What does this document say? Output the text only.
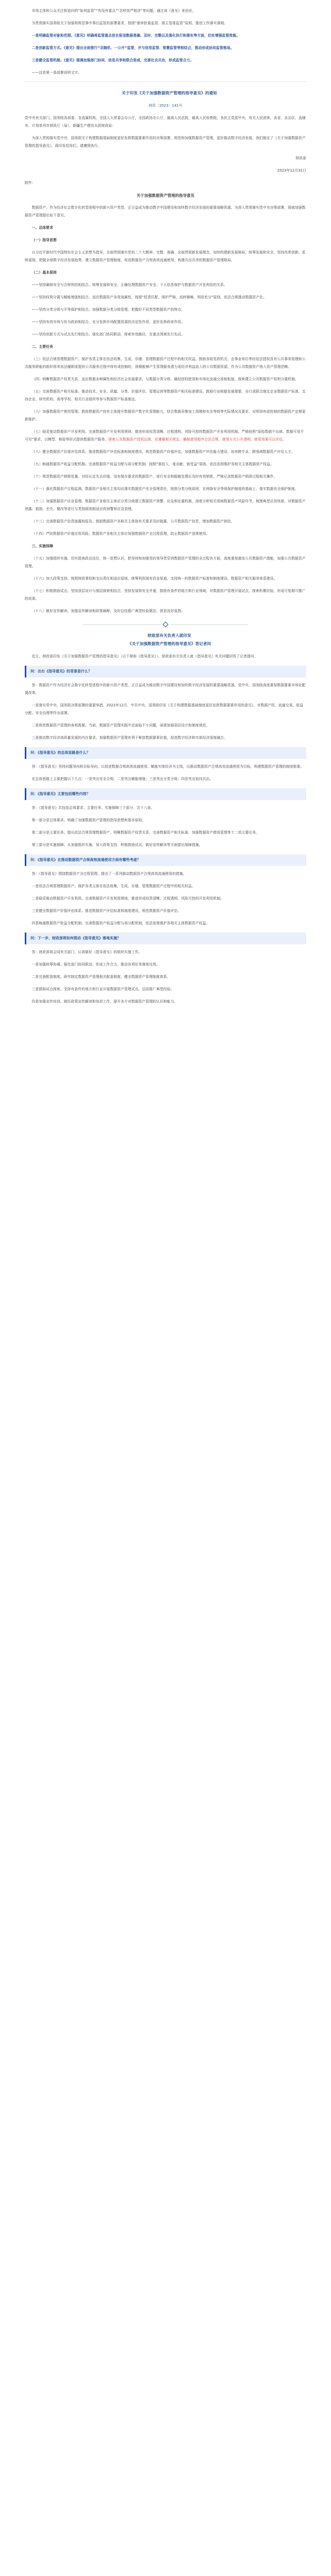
市场主体和公众关注和追问的“如何监管”“有没有重点”“怎样宽严相济”等问题，通过该《意见》来回应。

为贯彻落实国务院关于加强和规范事中事后监管的部署要求，按照“谁审批谁监管、谁主管谁监管”原则，推进工作落实落细。

一是明确监管对象和范围。《意见》明确将监管重点放在报送数据准确、及时、完整以及强化执行和落实等方面，切实增强监管效能。

二是创新监管方式。《意见》提出全面推行“双随机、一公开”监管，并与信用监管、智慧监管等相结合，推动形成协同监管格局。

三是健全监管机制。《意见》强调加强部门协同、信息共享和联合惩戒，完善社会共治，形成监管合力。

——这是第一条部署说明文字。

关于印发《关于加强数据资产管理的指导意见》的通知

财资〔2023〕141号

党中央有关部门，国务院各部委、各直属机构，全国人大常委会办公厅，全国政协办公厅，最高人民法院，最高人民检察院，各民主党派中央，有关人民团体，各省、自治区、直辖市、计划单列市财政厅（局），新疆生产建设兵团财政局：

为深入贯彻落实党中央、国务院关于构建数据基础制度更好发挥数据要素作用的决策部署，规范和加强数据资产管理，更好推动数字经济发展，我们制定了《关于加强数据资产管理的指导意见》，现印发给你们，请遵照执行。

财政部

2023年12月31日

附件：

关于加强数据资产管理的指导意见

数据资产，作为经济社会数字化转型进程中的新兴资产类型，正日益成为推动数字中国建设和加快数字经济发展的重要战略资源。为深入贯彻落实党中央决策部署，现就加强数据资产管理提出如下意见。

一、总体要求

（一）指导思想

以习近平新时代中国特色社会主义思想为指导，全面贯彻落实党的二十大精神，完整、准确、全面贯彻新发展理念，加快构建新发展格局，统筹发展和安全，坚持改革创新、系统谋划，把握全球数字经济发展趋势，建立数据资产管理制度，促进数据资产合规高效流通使用，构建共治共享的数据资产管理格局。

（二）基本原则

——坚持确保安全与合规利用相结合。统筹发展和安全，正确处理数据资产安全、个人信息保护与数据资产开发利用的关系。

——坚持权利分置与赋能增值相结合。适应数据资产多用途属性，按照“权责匹配、保护严格、流转顺畅、利用充分”原则，依法合规推动数据资产化。

——坚持分类分级与平等保护相结合。加强数据分类分级管理，把握好不同类型数据资产的特点。

——坚持有效市场与有为政府相结合。充分发挥市场配置资源的决定性作用，更好发挥政府作用。

——坚持创新方式与试点先行相结合。强化部门协同联动，探索有效路径，在重点领域先行先试。

二、主要任务

（三）依法合规管理数据资产。保护各类主体在依法收集、生成、存储、管理数据资产过程中的相关权益。鼓励各级党政机关、企事业单位等经依法授权具有公共事务管理和公共服务职能的组织将其依法履职或提供公共服务过程中持有或控制的，预期能够产生管理服务潜力或经济利益流入的公共数据资源，作为公共数据资产纳入资产管理范畴。

（四）明晰数据资产权责关系。适应数据多种属性和经济社会发展要求，与数据分类分级、确权授权使用和市场化流通交易相衔接，探索建立公共数据资产权利分置机制。

（五）完善数据资产相关标准。推动技术、安全、质量、分类、价值评估、管理运营等数据资产相关标准建设。鼓励行业根据发展需要，自行或联合制定企业数据资产标准。支持企业、研究机构、高等学校、相关行业组织等参与数据资产标准制定。

（六）加强数据资产使用管理。鼓励数据资产持有主体提升数据资产数字化管理能力，结合数据采集加工周期和安全等级等实际情况及要求，对所持有或控制的数据资产定期更新维护。

（七）稳妥推动数据资产开发利用。完善数据资产开发利用规则，推进形成权责清晰、过程透明、风险可控的数据资产开发利用机制。严格按照“原始数据不出域、数据可用不可见”要求，以模型、核验等形式提供数据资产服务。探索公共数据资产授权运营，应遵循相关规定，确保使用程序合法合规、使用方式公开透明、使用效果可以评估。

（八）健全数据资产价值评估体系。推进数据资产评估标准和制度建设，规范数据资产价值评估。加强数据资产评估能力建设，培养跨专业、跨领域数据资产评估人才。

（九）畅通数据资产收益分配机制。完善数据资产收益分配与再分配机制。按照“谁投入、谁贡献、谁受益”原则，依法依规维护各相关主体数据资产权益。

（十）规范数据资产销毁处置。对经认定失去价值、没有保存要求的数据资产，进行安全和脱敏处理后及时有效销毁，严格记录数据资产销毁过程相关操作。

（十一）强化数据资产过程监测。数据资产各相关主体均应落实数据资产安全管理责任，按照分类分级原则，在网络安全等级保护制度的基础上，落实数据安全保护制度。

（十二）加强数据资产应急管理。数据资产各相关主体应分类分级建立数据资产预警、应急和处置机制，深度分析相关领域数据资产风险环节，梳理典型应用场景，对数据资产泄露、损毁、丢失、篡改等进行与类别级别相适应的预警和应急管理。

（十三）完善数据资产信息披露和报告。鼓励数据资产各相关主体按有关要求及时披露、公开数据资产信息，增加数据资产供给。

（十四）严防数据资产价值应用风险。数据资产各相关主体应加强数据资产全过程管理，防止数据资产违规使用。

三、实施保障

（十五）加强组织实施。切实提高政治站位，统一思想认识，把坚持和加强党的领导贯穿到数据资产管理的全过程各方面，高度重视激发公共数据资产潜能，加强公共数据资产管理。

（十六）加大政策支持。按照财政事权和支出责任相适应原则，统筹利用现有资金渠道，支持统一的数据资产标准和制度建设、数据资产相关服务体系建设。

（十七）积极鼓励试点。坚持顶层设计与基层探索相结合，坚持发展和安全并重，鼓励有条件的地方和行业领域，对数据资产管理开展试点，探索积累经验，形成可复制可推广的成果。

（十八）做好宣传解读。加强宣传解读和政策阐释，及时总结推广典型经验做法，营造良好氛围。

财政部有关负责人就印发

《关于加强数据资产管理的指导意见》答记者问

近日，财政部印发《关于加强数据资产管理的指导意见》（以下简称《指导意见》）。财政部有关负责人就《指导意见》有关问题回答了记者提问。

问：出台《指导意见》的背景是什么？

答：数据资产作为经济社会数字化转型进程中的新兴资产类型，正日益成为推动数字中国建设和加快数字经济发展的重要战略资源。党中央、国务院高度重视数据要素市场化配置改革。

一是落实党中央、国务院决策部署的重要举措。2022年12月，中共中央、国务院印发《关于构建数据基础制度更好发挥数据要素作用的意见》，对数据产权、流通交易、收益分配、安全治理等作出部署。

二是规范数据资产管理的客观需要。当前，数据资产管理实践中还面临不少问题，亟需加强顶层设计和制度规范。

三是推动数字经济高质量发展的内在要求。加强数据资产管理有利于释放数据要素价值，促进数字经济和实体经济深度融合。

问：《指导意见》的总体思路是什么？

答：《指导意见》坚持问题导向和目标导向，以促进数据合规高效流通使用、赋能实体经济为主线，以推动数据资产合规高效流通使用为目标，构建数据资产管理的制度框架。

在总体思路上主要把握以下几点：一是突出安全合规；二是突出赋能增值；三是突出分类分级；四是突出协同共治。

问：《指导意见》主要包括哪些内容？

答：《指导意见》共包括总体要求、主要任务、实施保障三个部分，共十八条。

第一部分是总体要求。明确了加强数据资产管理的指导思想和基本原则。

第二部分是主要任务。提出依法合规管理数据资产、明晰数据资产权责关系、完善数据资产相关标准、加强数据资产使用管理等十二项主要任务。

第三部分是实施保障。从加强组织实施、加大政策支持、积极鼓励试点、做好宣传解读等方面提出保障措施。

问：《指导意见》在推动数据资产合规高效流通使用方面有哪些考虑？

答：《指导意见》围绕数据资产全过程管理，提出了一系列推动数据资产合规高效流通使用的措施。

一是依法合规管理数据资产。保护各类主体在依法收集、生成、存储、管理数据资产过程中的相关权益。

二是稳妥推动数据资产开发利用。完善数据资产开发利用规则，推进形成权责清晰、过程透明、风险可控的开发利用机制。

三是健全数据资产价值评估体系。推进数据资产评估标准和制度建设，规范数据资产价值评估。

四是畅通数据资产收益分配机制。完善数据资产收益分配与再分配机制，依法依规维护各相关主体数据资产权益。

问：下一步，财政部将如何推动《指导意见》落地实施？

答：财政部将会同有关部门，认真做好《指导意见》的组织实施工作。

一是加强统筹协调。强化部门协同联动，形成工作合力，推动各项任务落地见效。

二是完善配套制度。研究制定数据资产管理相关配套制度，健全数据资产管理制度体系。

三是鼓励试点探索。支持有条件的地方和行业开展数据资产管理试点，总结推广典型经验。

四是加强宣传培训。做好政策宣传解读和培训工作，提升各方对数据资产管理的认识和能力。
